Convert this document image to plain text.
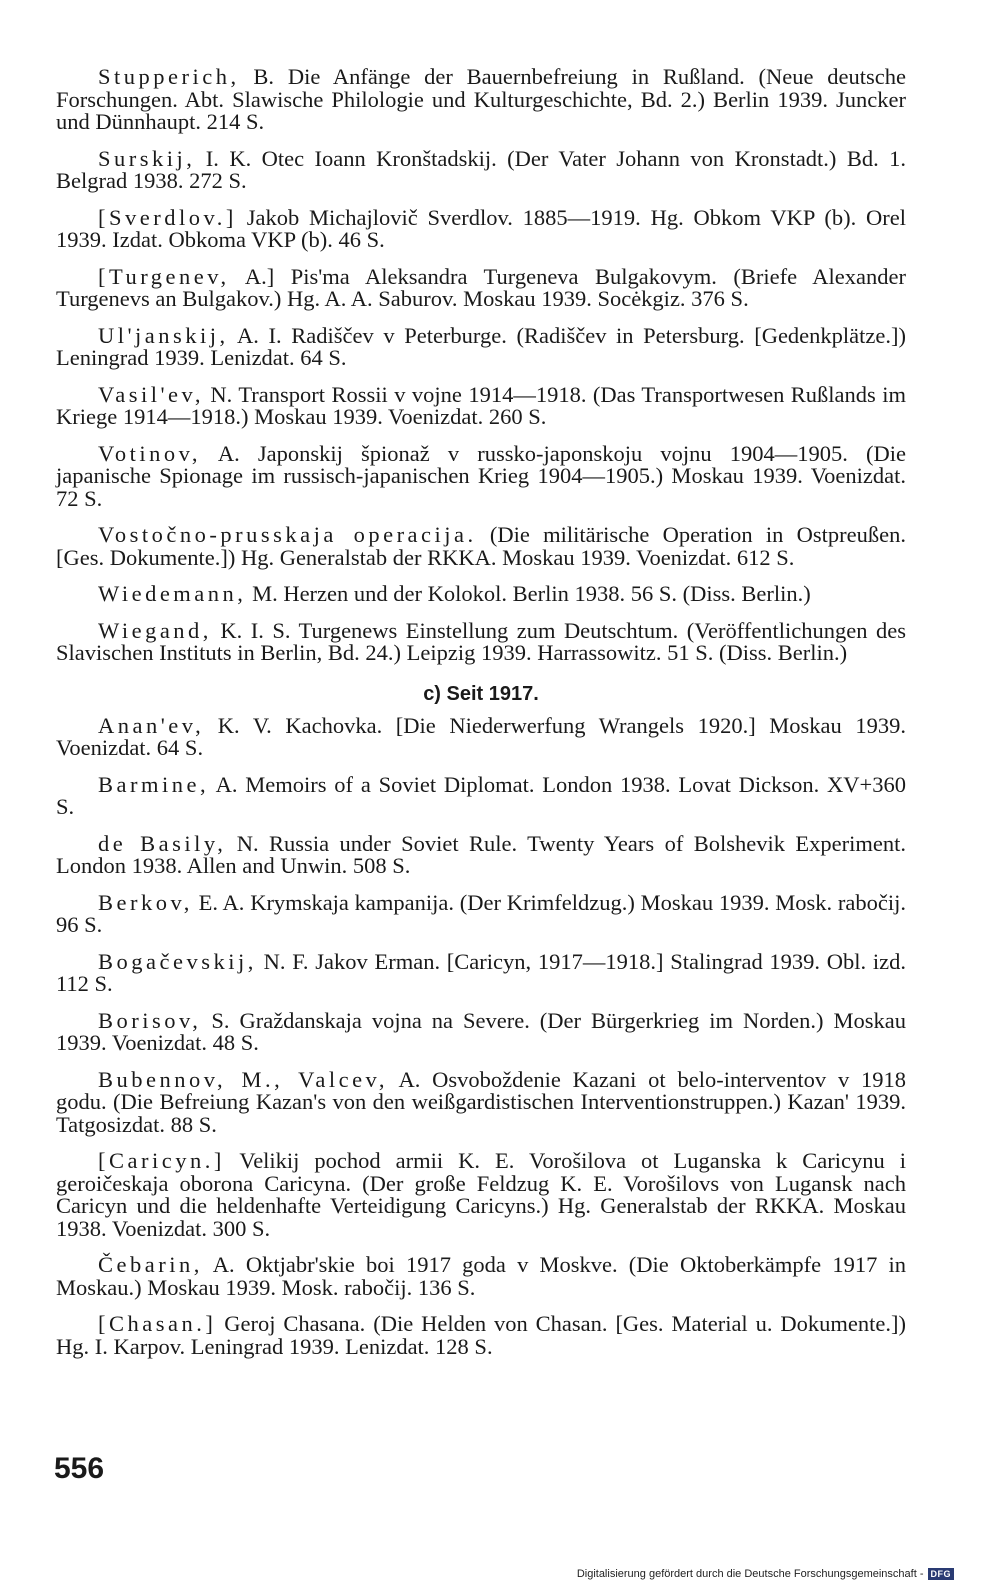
Stupperich, B. Die Anfänge der Bauernbefreiung in Rußland. (Neue deutsche Forschungen. Abt. Slawische Philologie und Kulturgeschichte, Bd. 2.) Berlin 1939. Juncker und Dünnhaupt. 214 S.

Surskij, I. K. Otec Ioann Kronštadskij. (Der Vater Johann von Kronstadt.) Bd. 1. Belgrad 1938. 272 S.

[Sverdlov.] Jakob Michajlovič Sverdlov. 1885—1919. Hg. Obkom VKP (b). Orel 1939. Izdat. Obkoma VKP (b). 46 S.

[Turgenev, A.] Pis'ma Aleksandra Turgeneva Bulgakovym. (Briefe Alexander Turgenevs an Bulgakov.) Hg. A. A. Saburov. Moskau 1939. Socėkgiz. 376 S.

Ul'janskij, A. I. Radiščev v Peterburge. (Radiščev in Petersburg. [Gedenkplätze.]) Leningrad 1939. Lenizdat. 64 S.

Vasil'ev, N. Transport Rossii v vojne 1914—1918. (Das Transportwesen Rußlands im Kriege 1914—1918.) Moskau 1939. Voenizdat. 260 S.

Votinov, A. Japonskij špionaž v russko-japonskoju vojnu 1904—1905. (Die japanische Spionage im russisch-japanischen Krieg 1904—1905.) Moskau 1939. Voenizdat. 72 S.

Vostočno-prusskaja operacija. (Die militärische Operation in Ostpreußen. [Ges. Dokumente.]) Hg. Generalstab der RKKA. Moskau 1939. Voenizdat. 612 S.

Wiedemann, M. Herzen und der Kolokol. Berlin 1938. 56 S. (Diss. Berlin.)

Wiegand, K. I. S. Turgenews Einstellung zum Deutschtum. (Veröffentlichungen des Slavischen Instituts in Berlin, Bd. 24.) Leipzig 1939. Harrassowitz. 51 S. (Diss. Berlin.)

c) Seit 1917.

Anan'ev, K. V. Kachovka. [Die Niederwerfung Wrangels 1920.] Moskau 1939. Voenizdat. 64 S.

Barmine, A. Memoirs of a Soviet Diplomat. London 1938. Lovat Dickson. XV+360 S.

de Basily, N. Russia under Soviet Rule. Twenty Years of Bolshevik Experiment. London 1938. Allen and Unwin. 508 S.

Berkov, E. A. Krymskaja kampanija. (Der Krimfeldzug.) Moskau 1939. Mosk. rabočij. 96 S.

Bogačevskij, N. F. Jakov Erman. [Caricyn, 1917—1918.] Stalingrad 1939. Obl. izd. 112 S.

Borisov, S. Graždanskaja vojna na Severe. (Der Bürgerkrieg im Norden.) Moskau 1939. Voenizdat. 48 S.

Bubennov, M., Valcev, A. Osvoboždenie Kazani ot belo-interventov v 1918 godu. (Die Befreiung Kazan's von den weißgardistischen Interventionstruppen.) Kazan' 1939. Tatgosizdat. 88 S.

[Caricyn.] Velikij pochod armii K. E. Vorošilova ot Luganska k Caricynu i geroičeskaja oborona Caricyna. (Der große Feldzug K. E. Vorošilovs von Lugansk nach Caricyn und die heldenhafte Verteidigung Caricyns.) Hg. Generalstab der RKKA. Moskau 1938. Voenizdat. 300 S.

Čebarin, A. Oktjabr'skie boi 1917 goda v Moskve. (Die Oktoberkämpfe 1917 in Moskau.) Moskau 1939. Mosk. rabočij. 136 S.

[Chasan.] Geroj Chasana. (Die Helden von Chasan. [Ges. Material u. Dokumente.]) Hg. I. Karpov. Leningrad 1939. Lenizdat. 128 S.

556
Digitalisierung gefördert durch die Deutsche Forschungsgemeinschaft - DFG
